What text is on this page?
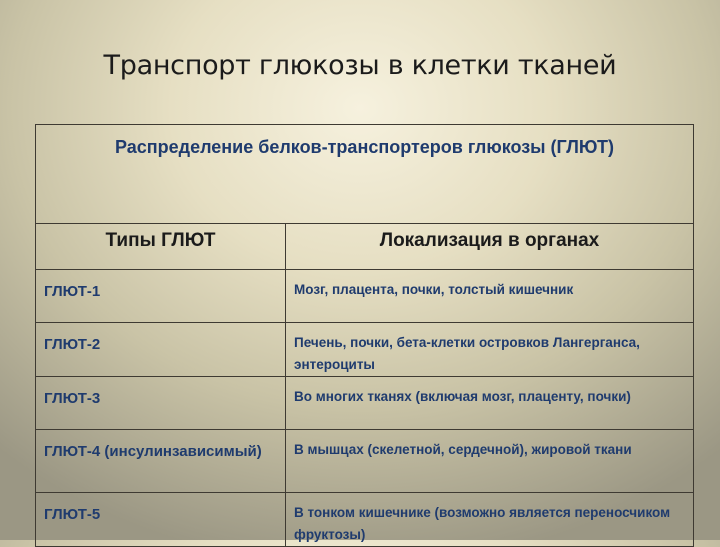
Транспорт глюкозы в клетки тканей
Распределение белков-транспортеров глюкозы (ГЛЮТ)	

Типы ГЛЮТ	Локализация в органах

ГЛЮТ-1	Мозг, плацента, почки, толстый кишечник

ГЛЮТ-2	Печень, почки, бета-клетки островков Лангерганса, энтероциты

ГЛЮТ-3	Во многих тканях (включая мозг, плаценту, почки)

ГЛЮТ-4 (инсулинзависимый)	В мышцах (скелетной, сердечной), жировой ткани

ГЛЮТ-5	В тонком кишечнике (возможно является переносчиком фруктозы)
